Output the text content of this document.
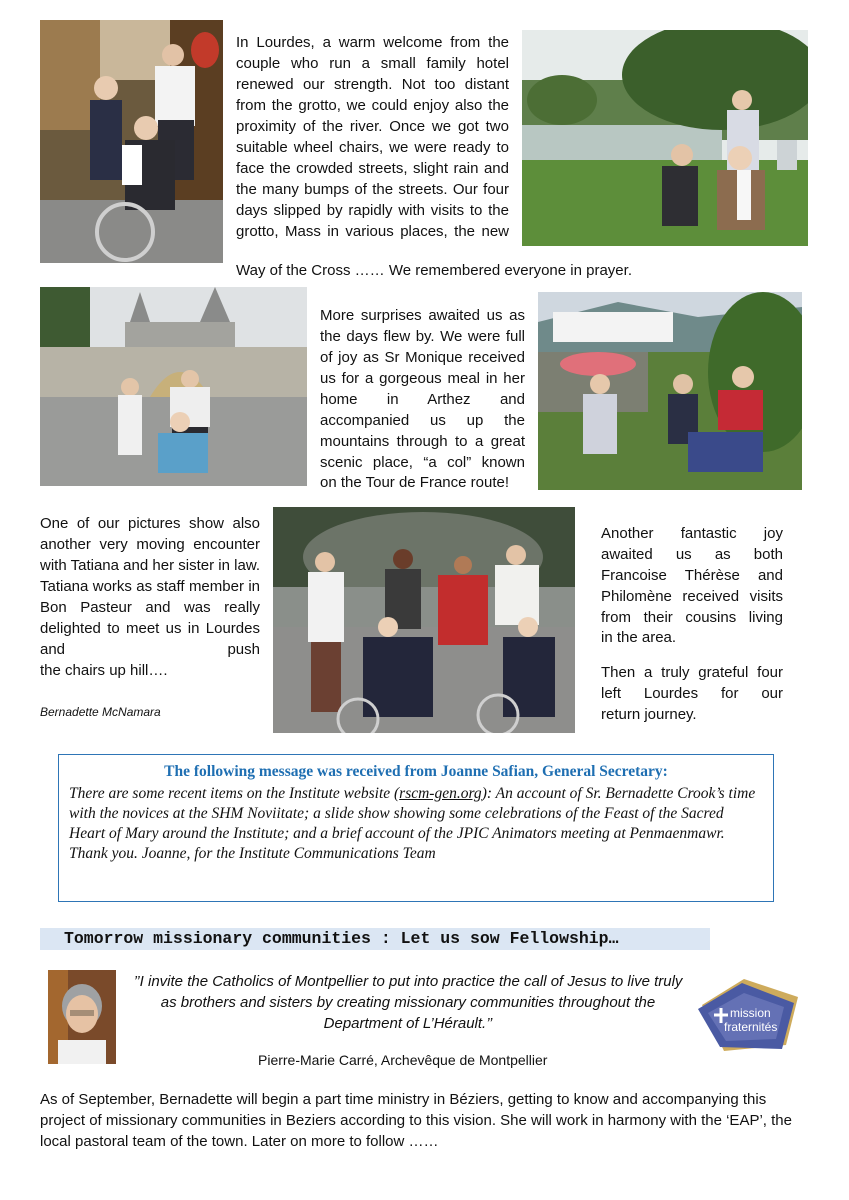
In Lourdes, a warm welcome from the couple who run a small family hotel renewed our strength. Not too distant from the grotto, we could enjoy also the proximity of the river. Once we got two suitable wheel chairs, we were ready to face the crowded streets, slight rain and the many bumps of the streets. Our four days slipped by rapidly with visits to the grotto, Mass in various places, the new
Way of the Cross …… We remembered everyone in prayer.
More surprises awaited us as the days flew by. We were full of joy as Sr Monique received us for a gorgeous meal in her home in Arthez and accompanied us up the mountains through to a great scenic place, “a col” known
on the Tour de France route!
One of our pictures show also another very moving encounter with Tatiana and her sister in law. Tatiana works as staff member in Bon Pasteur and was really delighted to meet us in Lourdes and push
the chairs up hill….
Bernadette McNamara
Another fantastic joy awaited us as both Francoise Thérèse and Philomène received visits from their cousins living
in the area.
Then a truly grateful four left Lourdes for our
return journey.
The following message was received from Joanne Safian, General Secretary:

There are some recent items on the Institute website (rscm-gen.org): An account of Sr. Bernadette Crook’s time with the novices at the SHM Noviitate; a slide show showing some celebrations of the Feast of the Sacred Heart of Mary around the Institute; and a brief account of the JPIC Animators meeting at Penmaenmawr.

Thank you. Joanne, for the Institute Communications Team

Tomorrow missionary communities : Let us sow Fellowship…
’’I invite the Catholics of Montpellier to put into practice the call of Jesus to live truly as brothers and sisters by creating missionary communities throughout the Department of L’Hérault.’’
Pierre-Marie Carré, Archevêque de Montpellier
mission
fraternités
As of September, Bernadette will begin a part time ministry in Béziers, getting to know and accompanying this project of missionary communities in Beziers according to this vision. She will work in harmony with the ‘EAP’, the local pastoral team of the town. Later on more to follow ……
